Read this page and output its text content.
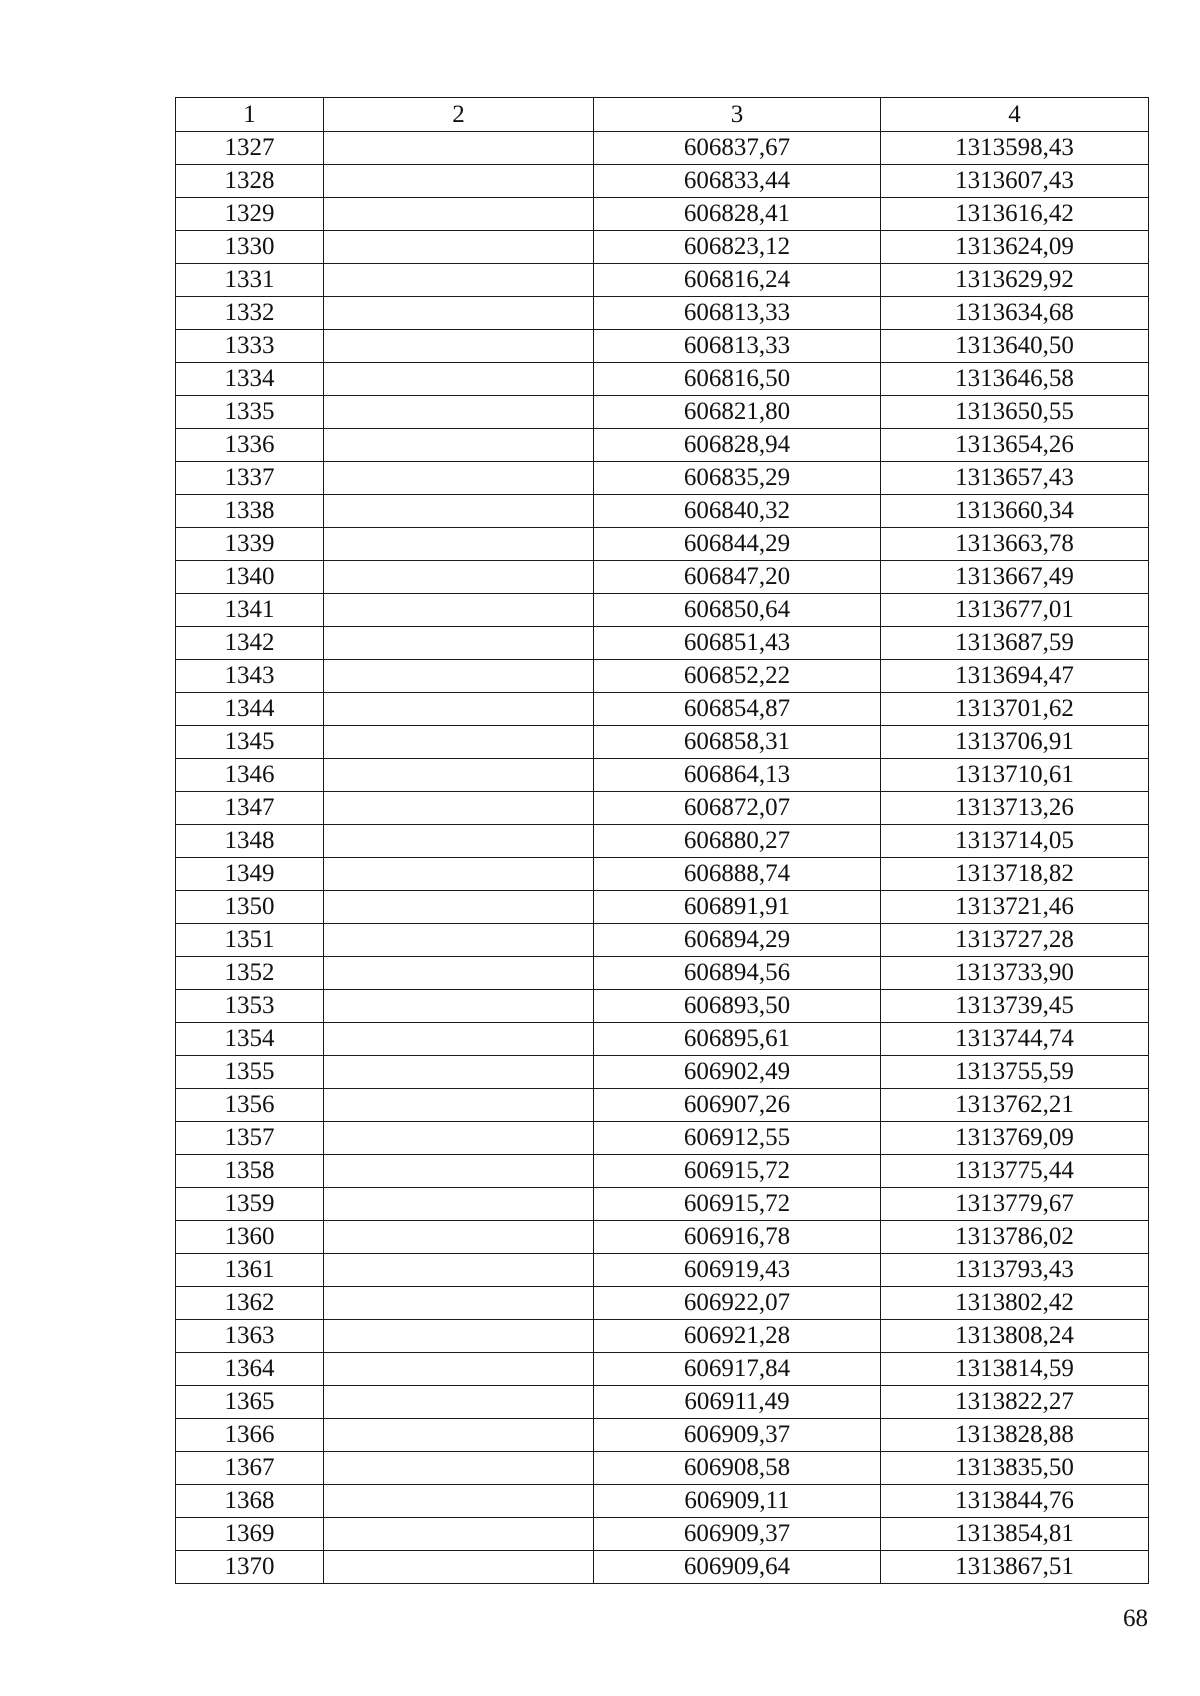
1	2	3	4
1327		606837,67	1313598,43
1328		606833,44	1313607,43
1329		606828,41	1313616,42
1330		606823,12	1313624,09
1331		606816,24	1313629,92
1332		606813,33	1313634,68
1333		606813,33	1313640,50
1334		606816,50	1313646,58
1335		606821,80	1313650,55
1336		606828,94	1313654,26
1337		606835,29	1313657,43
1338		606840,32	1313660,34
1339		606844,29	1313663,78
1340		606847,20	1313667,49
1341		606850,64	1313677,01
1342		606851,43	1313687,59
1343		606852,22	1313694,47
1344		606854,87	1313701,62
1345		606858,31	1313706,91
1346		606864,13	1313710,61
1347		606872,07	1313713,26
1348		606880,27	1313714,05
1349		606888,74	1313718,82
1350		606891,91	1313721,46
1351		606894,29	1313727,28
1352		606894,56	1313733,90
1353		606893,50	1313739,45
1354		606895,61	1313744,74
1355		606902,49	1313755,59
1356		606907,26	1313762,21
1357		606912,55	1313769,09
1358		606915,72	1313775,44
1359		606915,72	1313779,67
1360		606916,78	1313786,02
1361		606919,43	1313793,43
1362		606922,07	1313802,42
1363		606921,28	1313808,24
1364		606917,84	1313814,59
1365		606911,49	1313822,27
1366		606909,37	1313828,88
1367		606908,58	1313835,50
1368		606909,11	1313844,76
1369		606909,37	1313854,81
1370		606909,64	1313867,51
68
